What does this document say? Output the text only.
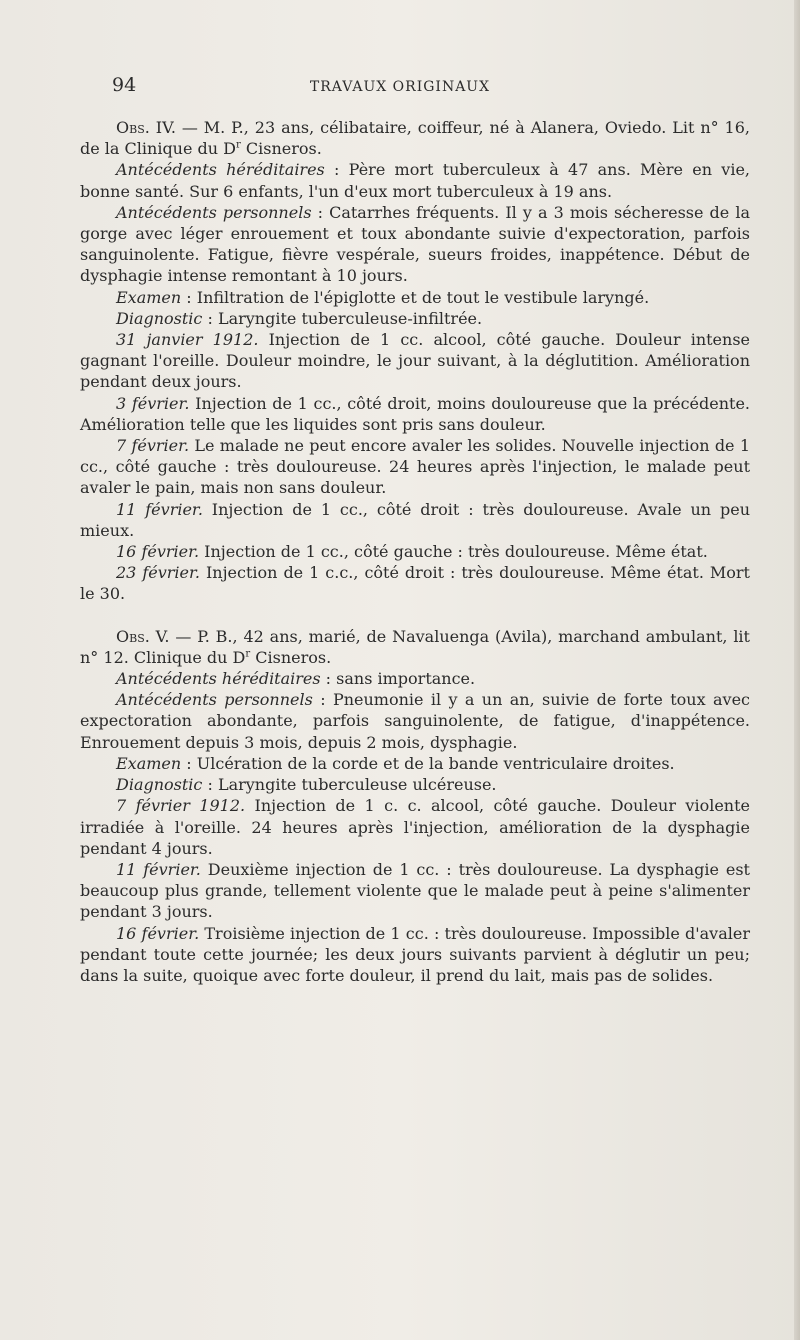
94	TRAVAUX ORIGINAUX

Obs. IV. — M. P., 23 ans, célibataire, coiffeur, né à Alanera, Oviedo. Lit n° 16, de la Clinique du $D^r$ Cisneros.

Antécédents héréditaires : Père mort tuberculeux à 47 ans. Mère en vie, bonne santé. Sur 6 enfants, l'un d'eux mort tuberculeux à 19 ans.

Antécédents personnels : Catarrhes fréquents. Il y a 3 mois sécheresse de la gorge avec léger enrouement et toux abondante suivie d'expectoration, parfois sanguinolente. Fatigue, fièvre vespérale, sueurs froides, inappétence. Début de dysphagie intense remontant à 10 jours.

Examen : Infiltration de l'épiglotte et de tout le vestibule laryngé.

Diagnostic : Laryngite tuberculeuse-infiltrée.

31 janvier 1912. Injection de 1 cc. alcool, côté gauche. Douleur intense gagnant l'oreille. Douleur moindre, le jour suivant, à la déglutition. Amélioration pendant deux jours.

3 février. Injection de 1 cc., côté droit, moins douloureuse que la précédente. Amélioration telle que les liquides sont pris sans douleur.

7 février. Le malade ne peut encore avaler les solides. Nouvelle injection de 1 cc., côté gauche : très douloureuse. 24 heures après l'injection, le malade peut avaler le pain, mais non sans douleur.

11 février. Injection de 1 cc., côté droit : très douloureuse. Avale un peu mieux.

16 février. Injection de 1 cc., côté gauche : très douloureuse. Même état.

23 février. Injection de 1 c.c., côté droit : très douloureuse. Même état. Mort le 30.

Obs. V. — P. B., 42 ans, marié, de Navaluenga (Avila), marchand ambulant, lit n° 12. Clinique du $D^r$ Cisneros.

Antécédents héréditaires : sans importance.

Antécédents personnels : Pneumonie il y a un an, suivie de forte toux avec expectoration abondante, parfois sanguinolente, de fatigue, d'inappétence. Enrouement depuis 3 mois, depuis 2 mois, dysphagie.

Examen : Ulcération de la corde et de la bande ventriculaire droites.

Diagnostic : Laryngite tuberculeuse ulcéreuse.

7 février 1912. Injection de 1 c. c. alcool, côté gauche. Douleur violente irradiée à l'oreille. 24 heures après l'injection, amélioration de la dysphagie pendant 4 jours.

11 février. Deuxième injection de 1 cc. : très douloureuse. La dysphagie est beaucoup plus grande, tellement violente que le malade peut à peine s'alimenter pendant 3 jours.

16 février. Troisième injection de 1 cc. : très douloureuse. Impossible d'avaler pendant toute cette journée; les deux jours suivants parvient à déglutir un peu; dans la suite, quoique avec forte douleur, il prend du lait, mais pas de solides.
